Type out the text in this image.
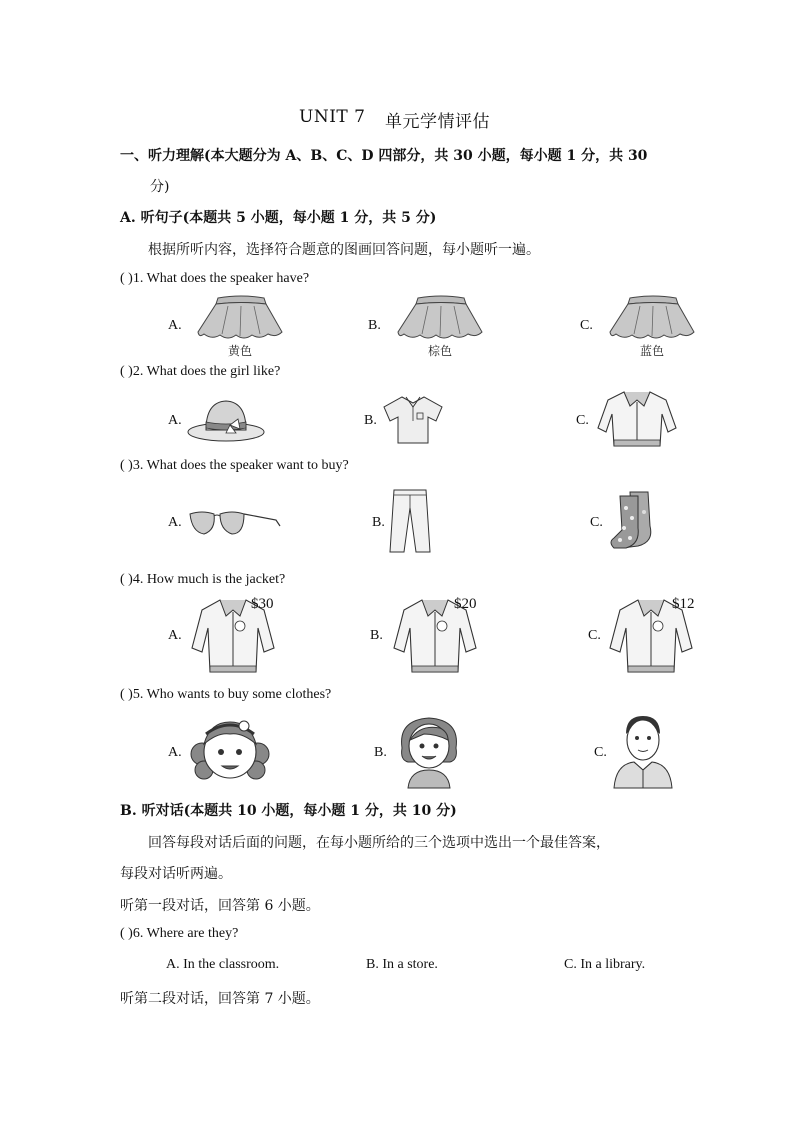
UNIT 7 单元学情评估
一、听力理解(本大题分为 A、B、C、D 四部分，共 30 小题，每小题 1 分，共 30
分)
A. 听句子(本题共 5 小题，每小题 1 分，共 5 分)
根据所听内容，选择符合题意的图画回答问题，每小题听一遍。
( )1. What does the speaker have?
A.	B.	C.
黄色	棕色	蓝色
( )2. What does the girl like?
A.	B.	C.
( )3. What does the speaker want to buy?
A.	B.	C.
( )4. How much is the jacket?
A.	B.	C.
$30	$20	$12
( )5. Who wants to buy some clothes?
A.	B.	C.
B. 听对话(本题共 10 小题，每小题 1 分，共 10 分)
回答每段对话后面的问题，在每小题所给的三个选项中选出一个最佳答案，
每段对话听两遍。
听第一段对话，回答第 6 小题。
( )6. Where are they?
A. In the classroom.	B. In a store.	C. In a library.
听第二段对话，回答第 7 小题。
